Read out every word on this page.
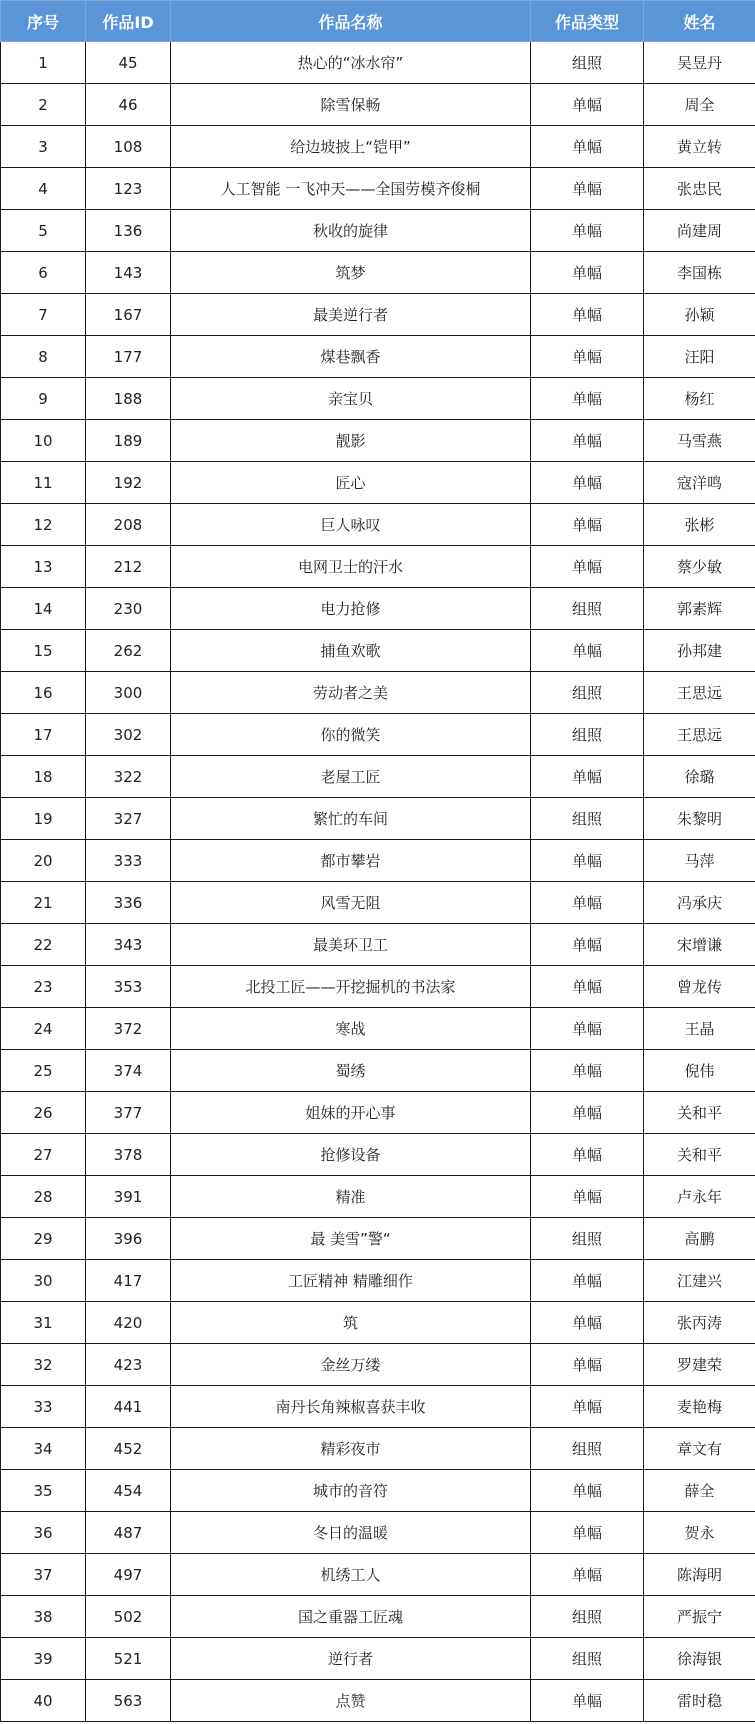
序号	作品ID	作品名称	作品类型	姓名
1	45	热心的“冰水帘”	组照	吴昱丹
2	46	除雪保畅	单幅	周全
3	108	给边坡披上“铠甲”	单幅	黄立转
4	123	人工智能 一飞冲天——全国劳模齐俊桐	单幅	张忠民
5	136	秋收的旋律	单幅	尚建周
6	143	筑梦	单幅	李国栋
7	167	最美逆行者	单幅	孙颖
8	177	煤巷飘香	单幅	汪阳
9	188	亲宝贝	单幅	杨红
10	189	靓影	单幅	马雪燕
11	192	匠心	单幅	寇洋鸣
12	208	巨人咏叹	单幅	张彬
13	212	电网卫士的汗水	单幅	蔡少敏
14	230	电力抢修	组照	郭素辉
15	262	捕鱼欢歌	单幅	孙邦建
16	300	劳动者之美	组照	王思远
17	302	你的微笑	组照	王思远
18	322	老屋工匠	单幅	徐璐
19	327	繁忙的车间	组照	朱黎明
20	333	都市攀岩	单幅	马萍
21	336	风雪无阻	单幅	冯承庆
22	343	最美环卫工	单幅	宋增谦
23	353	北投工匠——开挖掘机的书法家	单幅	曾龙传
24	372	寒战	单幅	王晶
25	374	蜀绣	单幅	倪伟
26	377	姐妹的开心事	单幅	关和平
27	378	抢修设备	单幅	关和平
28	391	精准	单幅	卢永年
29	396	最 美雪”警“	组照	高鹏
30	417	工匠精神 精雕细作	单幅	江建兴
31	420	筑	单幅	张丙涛
32	423	金丝万缕	单幅	罗建荣
33	441	南丹长角辣椒喜获丰收	单幅	麦艳梅
34	452	精彩夜市	组照	章文有
35	454	城市的音符	单幅	薛全
36	487	冬日的温暖	单幅	贺永
37	497	机绣工人	单幅	陈海明
38	502	国之重器工匠魂	组照	严振宁
39	521	逆行者	组照	徐海银
40	563	点赞	单幅	雷时稳
